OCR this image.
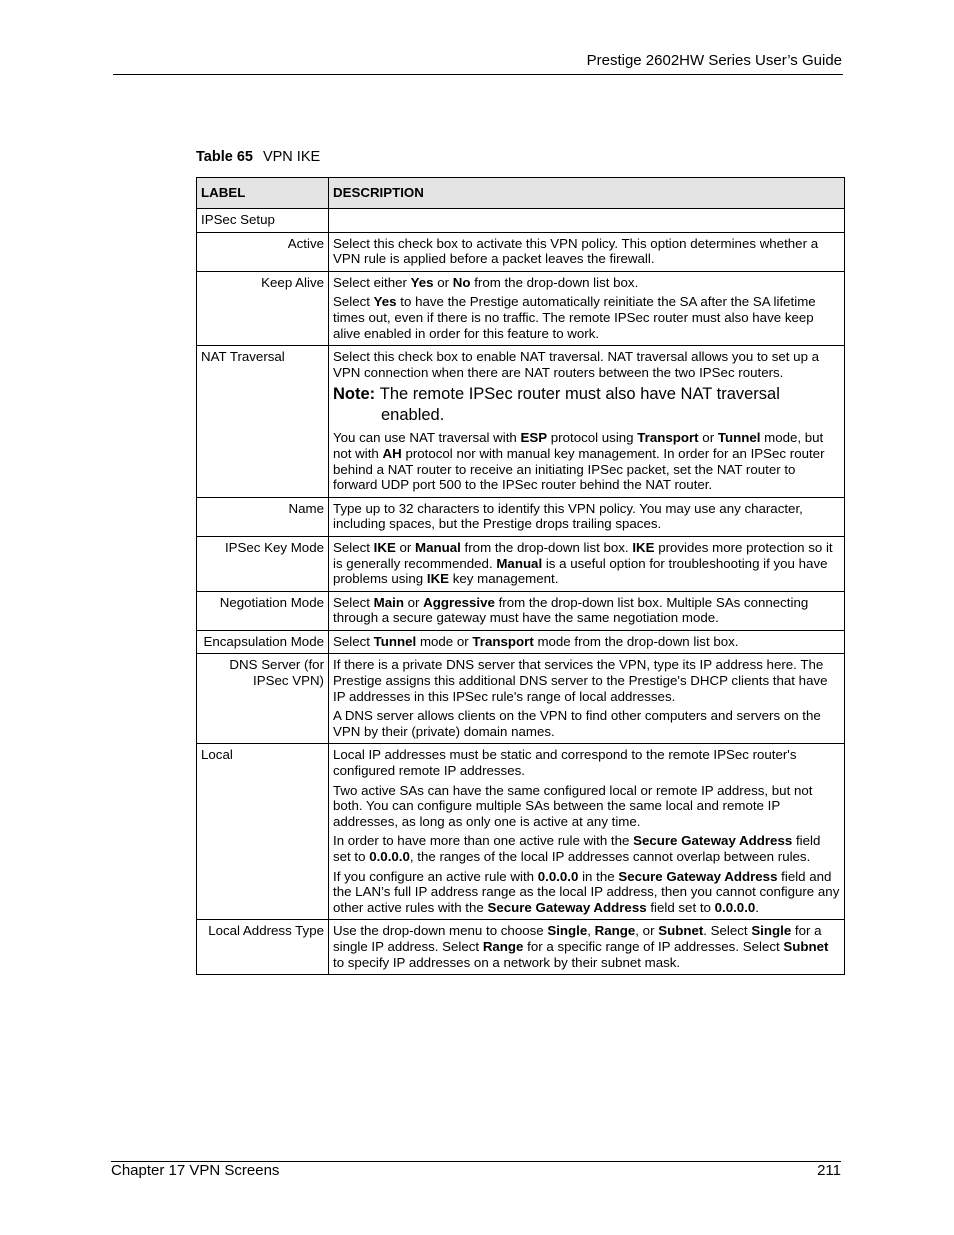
Prestige 2602HW Series User’s Guide
Table 65 VPN IKE
LABEL	DESCRIPTION
IPSec Setup	
Active	Select this check box to activate this VPN policy. This option determines whether a VPN rule is applied before a packet leaves the firewall.

Keep Alive	Select either Yes or No from the drop-down list box.

Select Yes to have the Prestige automatically reinitiate the SA after the SA lifetime times out, even if there is no traffic. The remote IPSec router must also have keep alive enabled in order for this feature to work.

NAT Traversal	Select this check box to enable NAT traversal. NAT traversal allows you to set up a VPN connection when there are NAT routers between the two IPSec routers.

Note: The remote IPSec router must also have NAT traversal enabled.

You can use NAT traversal with ESP protocol using Transport or Tunnel mode, but not with AH protocol nor with manual key management. In order for an IPSec router behind a NAT router to receive an initiating IPSec packet, set the NAT router to forward UDP port 500 to the IPSec router behind the NAT router.

Name	Type up to 32 characters to identify this VPN policy. You may use any character, including spaces, but the Prestige drops trailing spaces.

IPSec Key Mode	Select IKE or Manual from the drop-down list box. IKE provides more protection so it is generally recommended. Manual is a useful option for troubleshooting if you have problems using IKE key management.

Negotiation Mode	Select Main or Aggressive from the drop-down list box. Multiple SAs connecting through a secure gateway must have the same negotiation mode.

Encapsulation Mode	Select Tunnel mode or Transport mode from the drop-down list box.

DNS Server (for IPSec VPN)	If there is a private DNS server that services the VPN, type its IP address here. The Prestige assigns this additional DNS server to the Prestige's DHCP clients that have IP addresses in this IPSec rule's range of local addresses.

A DNS server allows clients on the VPN to find other computers and servers on the VPN by their (private) domain names.

Local	Local IP addresses must be static and correspond to the remote IPSec router's configured remote IP addresses.

Two active SAs can have the same configured local or remote IP address, but not both. You can configure multiple SAs between the same local and remote IP addresses, as long as only one is active at any time.

In order to have more than one active rule with the Secure Gateway Address field set to 0.0.0.0, the ranges of the local IP addresses cannot overlap between rules.

If you configure an active rule with 0.0.0.0 in the Secure Gateway Address field and the LAN’s full IP address range as the local IP address, then you cannot configure any other active rules with the Secure Gateway Address field set to 0.0.0.0.

Local Address Type	Use the drop-down menu to choose Single, Range, or Subnet. Select Single for a single IP address. Select Range for a specific range of IP addresses. Select Subnet to specify IP addresses on a network by their subnet mask.

Chapter 17 VPN Screens	211
